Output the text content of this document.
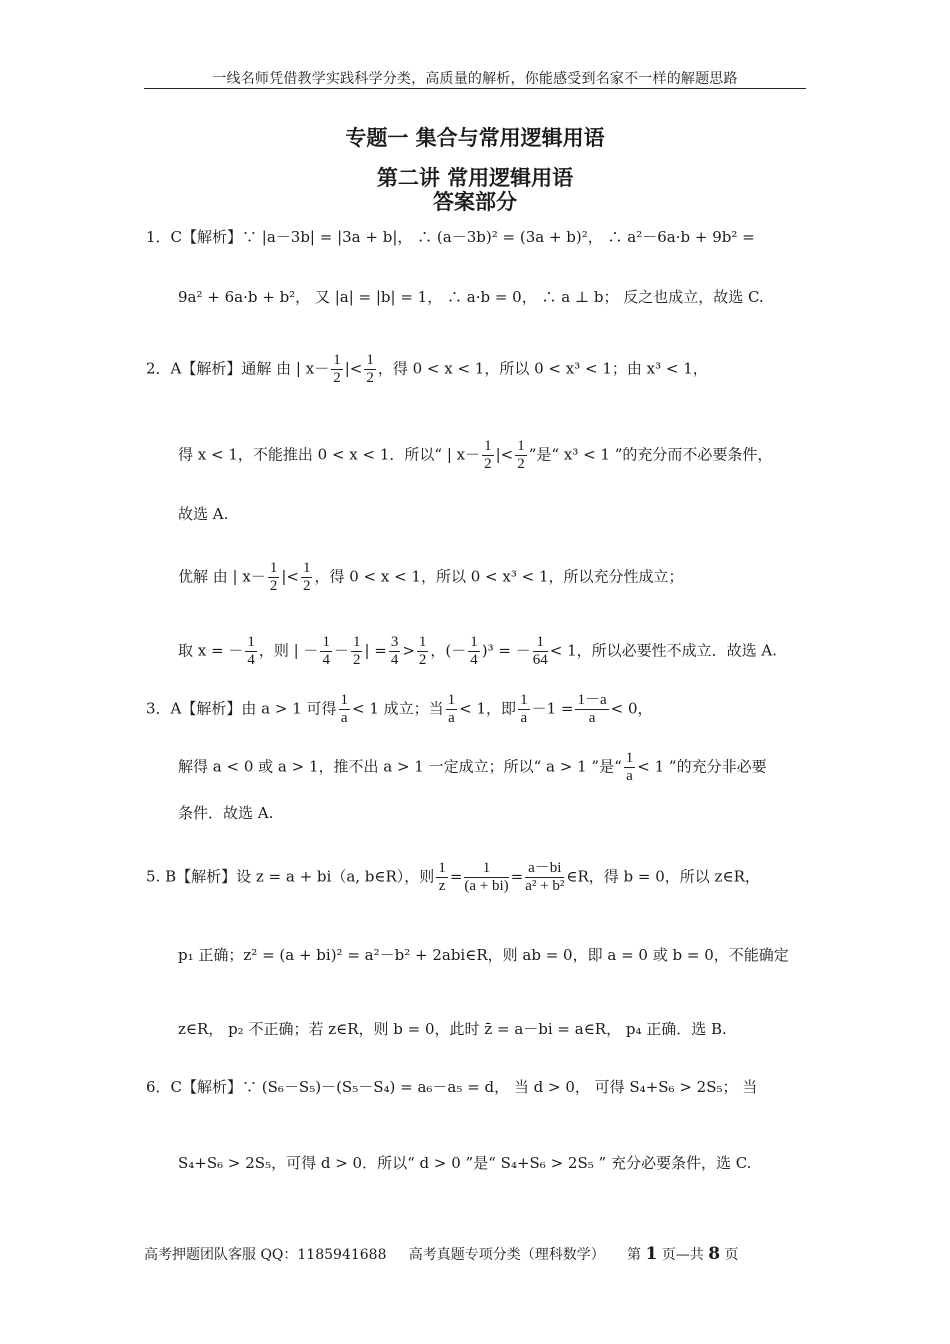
一线名师凭借教学实践科学分类，高质量的解析，你能感受到名家不一样的解题思路
专题一 集合与常用逻辑用语
第二讲 常用逻辑用语
答案部分
1．C【解析】∵ |a－3b| = |3a + b|， ∴ (a－3b)² = (3a + b)²， ∴ a²－6a·b + 9b² =
9a² + 6a·b + b²， 又 |a| = |b| = 1， ∴ a·b = 0， ∴ a ⊥ b； 反之也成立，故选 C.
2．A【解析】通解 由 | $x- \frac{1}{2}$ |< $\frac{1}{2}$ ，得 0 < x < 1，所以 0 < x³ < 1；由 x³ < 1，
得 x < 1，不能推出 0 < x < 1．所以“ | $x- \frac{1}{2}$ |< $\frac{1}{2}$ ”是“ x³ < 1 ”的充分而不必要条件，
故选 A.
优解 由 | $x- \frac{1}{2}$ |< $\frac{1}{2}$ ，得 0 < x < 1，所以 0 < x³ < 1，所以充分性成立；
取 x = － $\frac{1}{4}$ ，则 | － $\frac{1}{4} - \frac{1}{2}$ | = $\frac{3}{4} > \frac{1}{2}$ ，(－ $\frac{1}{4} )^3$ = － $\frac{1}{64} < 1$，所以必要性不成立．故选 A.
3．A【解析】由 a > 1 可得 $\frac{1}{a} < 1$ 成立；当 $\frac{1}{a} < 1$，即 $\frac{1}{a} -1 = \frac{1-a}{a} < 0$，
解得 a < 0 或 a > 1，推不出 a > 1 一定成立；所以“ a > 1 ”是“ $\frac{1}{a} < 1$ ”的充分非必要
条件．故选 A.
5. B【解析】设 z = a + bi（a, b∈R），则 $\frac{1}{z} = \frac{1}{(a + bi)} = \frac{a-bi}{\text{a² + b²}}$ ∈R，得 b = 0，所以 z∈R，
p₁ 正确；z² = (a + bi)² = a²－b² + 2abi∈R，则 ab = 0，即 a = 0 或 b = 0，不能确定
z∈R， p₂ 不正确；若 z∈R，则 b = 0，此时 z̄ = a－bi = a∈R， p₄ 正确．选 B.
6．C【解析】∵ (S₆－S₅)－(S₅－S₄) = a₆－a₅ = d， 当 d > 0， 可得 S₄+S₆ > 2S₅； 当
S₄+S₆ > 2S₅，可得 d > 0．所以“ d > 0 ”是“ S₄+S₆ > 2S₅ ” 充分必要条件，选 C.
高考押题团队客服 QQ：1185941688 高考真题专项分类（理科数学） 第 1 页—共 8 页
